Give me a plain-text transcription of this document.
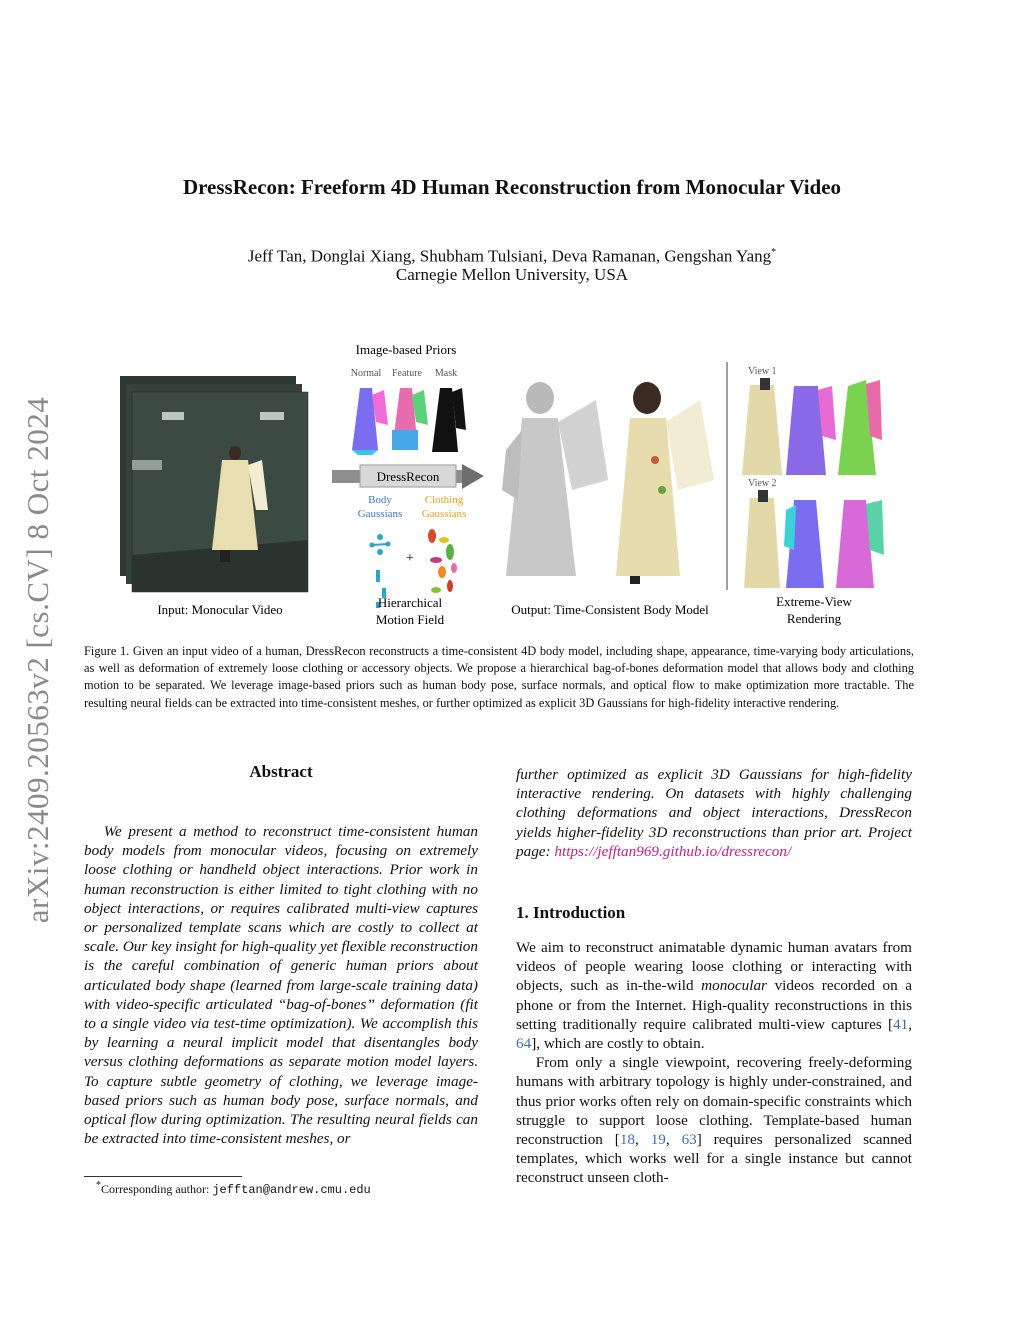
DressRecon: Freeform 4D Human Reconstruction from Monocular Video
Jeff Tan, Donglai Xiang, Shubham Tulsiani, Deva Ramanan, Gengshan Yang*
Carnegie Mellon University, USA
arXiv:2409.20563v2 [cs.CV] 8 Oct 2024
Image-based Priors
Normal Feature Mask
DressRecon
Body
Gaussians
Clothing
Gaussians
+
View 1
View 2
Input: Monocular Video	Hierarchical
Motion Field
Output: Time-Consistent Body Model
Extreme-View
Rendering
Figure 1. Given an input video of a human, DressRecon reconstructs a time-consistent 4D body model, including shape, appearance, time-varying body articulations, as well as deformation of extremely loose clothing or accessory objects. We propose a hierarchical bag-of-bones deformation model that allows body and clothing motion to be separated. We leverage image-based priors such as human body pose, surface normals, and optical flow to make optimization more tractable. The resulting neural fields can be extracted into time-consistent meshes, or further optimized as explicit 3D Gaussians for high-fidelity interactive rendering.
Abstract
We present a method to reconstruct time-consistent human body models from monocular videos, focusing on extremely loose clothing or handheld object interactions. Prior work in human reconstruction is either limited to tight clothing with no object interactions, or requires calibrated multi-view captures or personalized template scans which are costly to collect at scale. Our key insight for high-quality yet flexible reconstruction is the careful combination of generic human priors about articulated body shape (learned from large-scale training data) with video-specific articulated “bag-of-bones” deformation (fit to a single video via test-time optimization). We accomplish this by learning a neural implicit model that disentangles body versus clothing deformations as separate motion model layers. To capture subtle geometry of clothing, we leverage image-based priors such as human body pose, surface normals, and optical flow during optimization. The resulting neural fields can be extracted into time-consistent meshes, or
further optimized as explicit 3D Gaussians for high-fidelity interactive rendering. On datasets with highly challenging clothing deformations and object interactions, DressRecon yields higher-fidelity 3D reconstructions than prior art. Project page: https://jefftan969.github.io/dressrecon/
1. Introduction

We aim to reconstruct animatable dynamic human avatars from videos of people wearing loose clothing or interacting with objects, such as in-the-wild monocular videos recorded on a phone or from the Internet. High-quality reconstructions in this setting traditionally require calibrated multi-view captures [41, 64], which are costly to obtain.

From only a single viewpoint, recovering freely-deforming humans with arbitrary topology is highly under-constrained, and thus prior works often rely on domain-specific constraints which struggle to support loose clothing. Template-based human reconstruction [18, 19, 63] requires personalized scanned templates, which works well for a single instance but cannot reconstruct unseen cloth-

*Corresponding author: jefftan@andrew.cmu.edu
